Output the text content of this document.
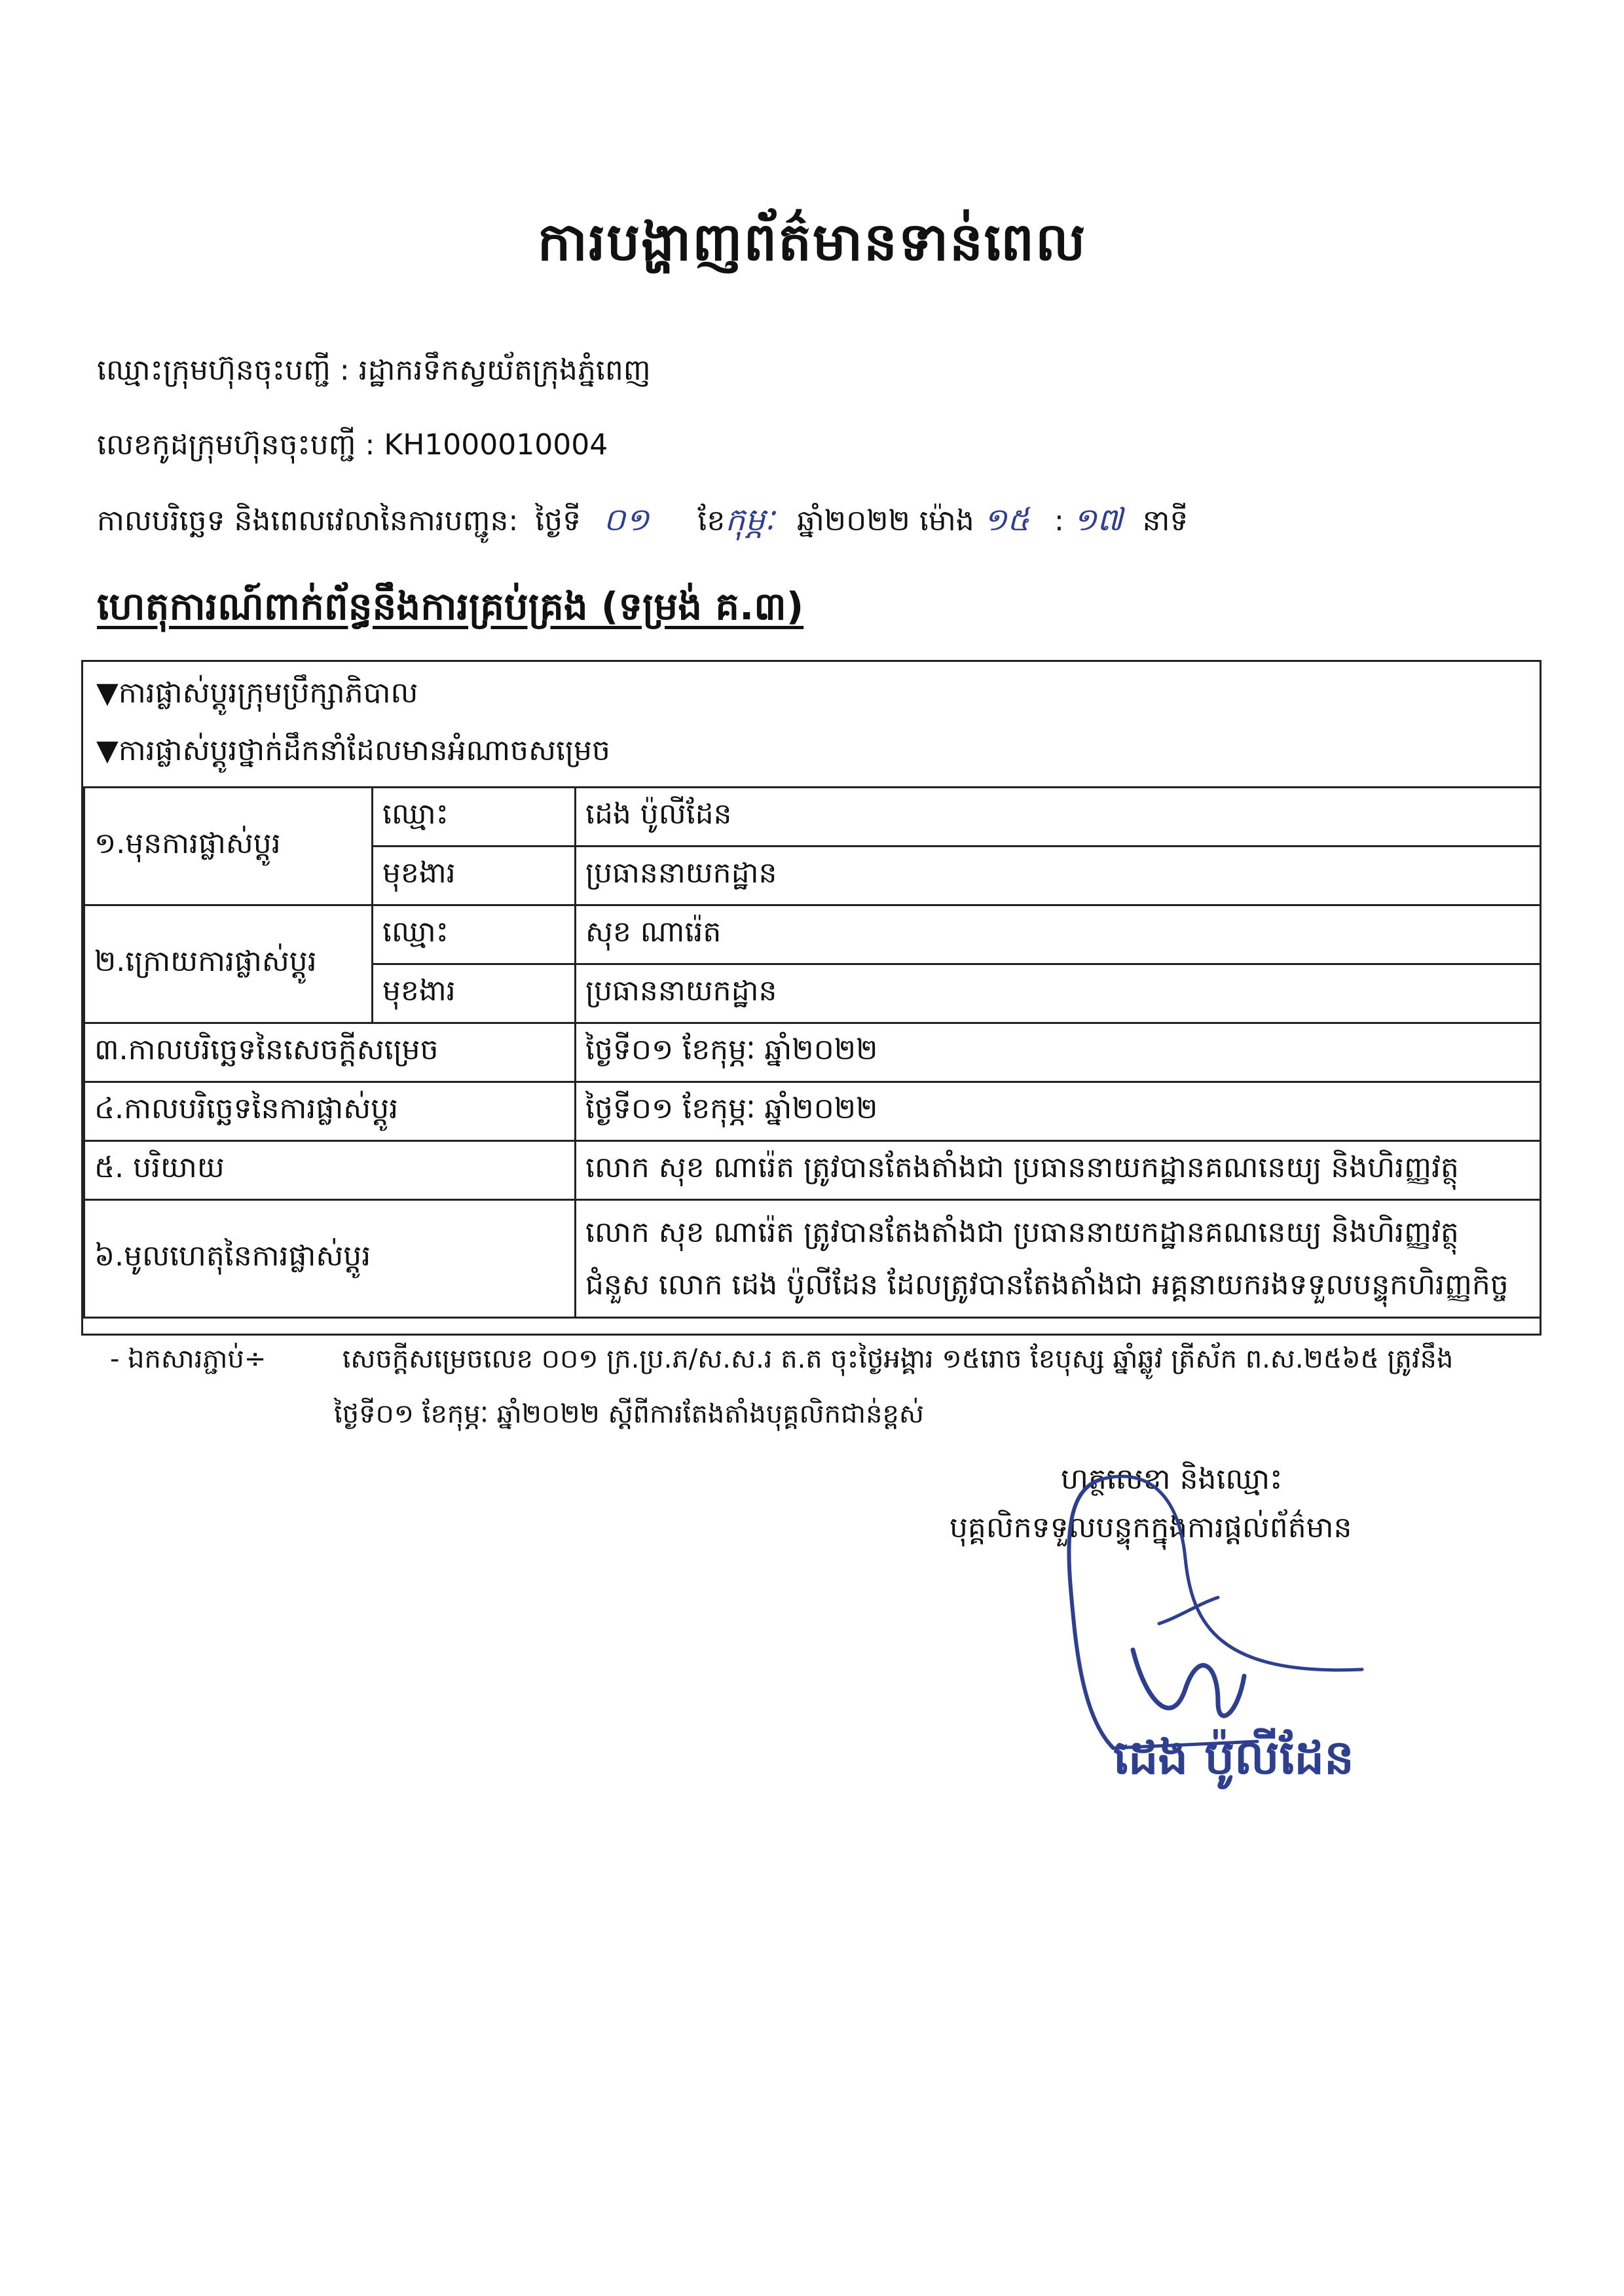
ការបង្ហាញព័ត៌មានទាន់ពេល
ឈ្មោះក្រុមហ៊ុនចុះបញ្ជី : រដ្ឋាករទឹកស្វយ័តក្រុងភ្នំពេញ
លេខកូដក្រុមហ៊ុនចុះបញ្ជី : KH1000010004
កាលបរិច្ឆេទ និងពេលវេលានៃការបញ្ជូន: ថ្ងៃទី ០១ ខែកុម្ភៈ ឆ្នាំ២០២២ ម៉ោង ១៥ : ១៧ នាទី
ហេតុការណ៍ពាក់ព័ន្ធនឹងការគ្រប់គ្រង (ទម្រង់ គ.៣)
▼ការផ្លាស់ប្តូរក្រុមប្រឹក្សាភិបាល
▼ការផ្លាស់ប្តូរថ្នាក់ដឹកនាំដែលមានអំណាចសម្រេច
១.មុនការផ្លាស់ប្តូរ	ឈ្មោះ	ដេង ប៉ូលីដែន
	មុខងារ	ប្រធាននាយកដ្ឋាន
២.ក្រោយការផ្លាស់ប្តូរ	ឈ្មោះ	សុខ ណារ៉េត
	មុខងារ	ប្រធាននាយកដ្ឋាន
៣.កាលបរិច្ឆេទនៃសេចក្តីសម្រេច		ថ្ងៃទី០១ ខែកុម្ភៈ ឆ្នាំ២០២២
៤.កាលបរិច្ឆេទនៃការផ្លាស់ប្តូរ		ថ្ងៃទី០១ ខែកុម្ភៈ ឆ្នាំ២០២២
៥. បរិយាយ		លោក សុខ ណារ៉េត ត្រូវបានតែងតាំងជា ប្រធាននាយកដ្ឋានគណនេយ្យ និងហិរញ្ញវត្ថុ
៦.មូលហេតុនៃការផ្លាស់ប្តូរ		លោក សុខ ណារ៉េត ត្រូវបានតែងតាំងជា ប្រធាននាយកដ្ឋានគណនេយ្យ និងហិរញ្ញវត្ថុ
ជំនួស លោក ដេង ប៉ូលីដែន ដែលត្រូវបានតែងតាំងជា អគ្គនាយករងទទួលបន្ទុកហិរញ្ញកិច្ច
- ឯកសារភ្ជាប់÷	សេចក្តីសម្រេចលេខ ០០១ ក្រ.ប្រ.ភ/ស.ស.រ ត.ត ចុះថ្ងៃអង្គារ ១៥រោច ខែបុស្ស ឆ្នាំឆ្លូវ ត្រីស័ក ព.ស.២៥៦៥ ត្រូវនឹង
ថ្ងៃទី០១ ខែកុម្ភៈ ឆ្នាំ២០២២ ស្តីពីការតែងតាំងបុគ្គលិកជាន់ខ្ពស់
ហត្ថលេខា និងឈ្មោះ
បុគ្គលិកទទួលបន្ទុកក្នុងការផ្តល់ព័ត៌មាន
ដេង ប៉ូលីដែន
